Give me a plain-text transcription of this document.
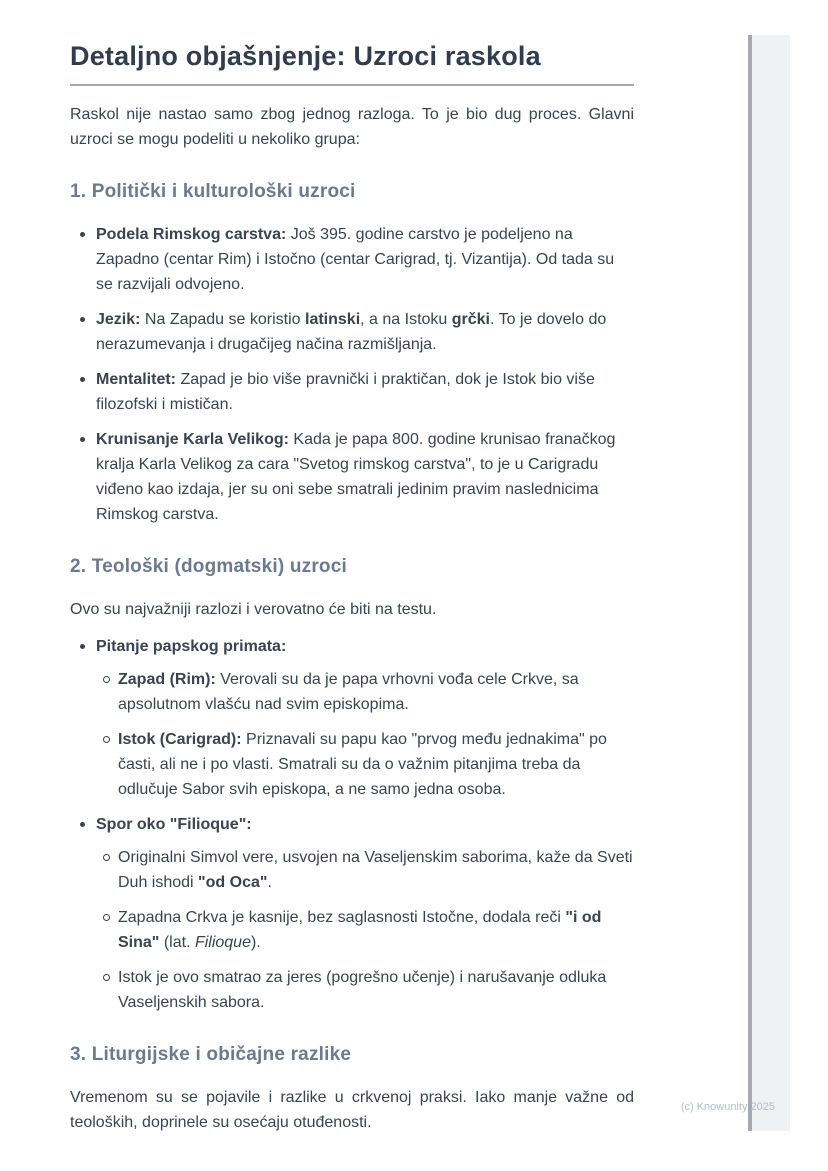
Detaljno objašnjenje: Uzroci raskola

Raskol nije nastao samo zbog jednog razloga. To je bio dug proces. Glavni uzroci se mogu podeliti u nekoliko grupa:

1. Politički i kulturološki uzroci
Podela Rimskog carstva: Još 395. godine carstvo je podeljeno na Zapadno (centar Rim) i Istočno (centar Carigrad, tj. Vizantija). Od tada su se razvijali odvojeno.
Jezik: Na Zapadu se koristio latinski, a na Istoku grčki. To je dovelo do nerazumevanja i drugačijeg načina razmišljanja.
Mentalitet: Zapad je bio više pravnički i praktičan, dok je Istok bio više filozofski i mističan.
Krunisanje Karla Velikog: Kada je papa 800. godine krunisao franačkog kralja Karla Velikog za cara "Svetog rimskog carstva", to je u Carigradu viđeno kao izdaja, jer su oni sebe smatrali jedinim pravim naslednicima Rimskog carstva.
2. Teološki (dogmatski) uzroci

Ovo su najvažniji razlozi i verovatno će biti na testu.

Pitanje papskog primata:
Zapad (Rim): Verovali su da je papa vrhovni vođa cele Crkve, sa apsolutnom vlašću nad svim episkopima.
Istok (Carigrad): Priznavali su papu kao "prvog među jednakima" po časti, ali ne i po vlasti. Smatrali su da o važnim pitanjima treba da odlučuje Sabor svih episkopa, a ne samo jedna osoba.
Spor oko "Filioque":
Originalni Simvol vere, usvojen na Vaseljenskim saborima, kaže da Sveti Duh ishodi "od Oca".
Zapadna Crkva je kasnije, bez saglasnosti Istočne, dodala reči "i od Sina" (lat. Filioque).
Istok je ovo smatrao za jeres (pogrešno učenje) i narušavanje odluka Vaseljenskih sabora.
3. Liturgijske i običajne razlike

Vremenom su se pojavile i razlike u crkvenoj praksi. Iako manje važne od teoloških, doprinele su osećaju otuđenosti.

(c) Knowunity 2025
